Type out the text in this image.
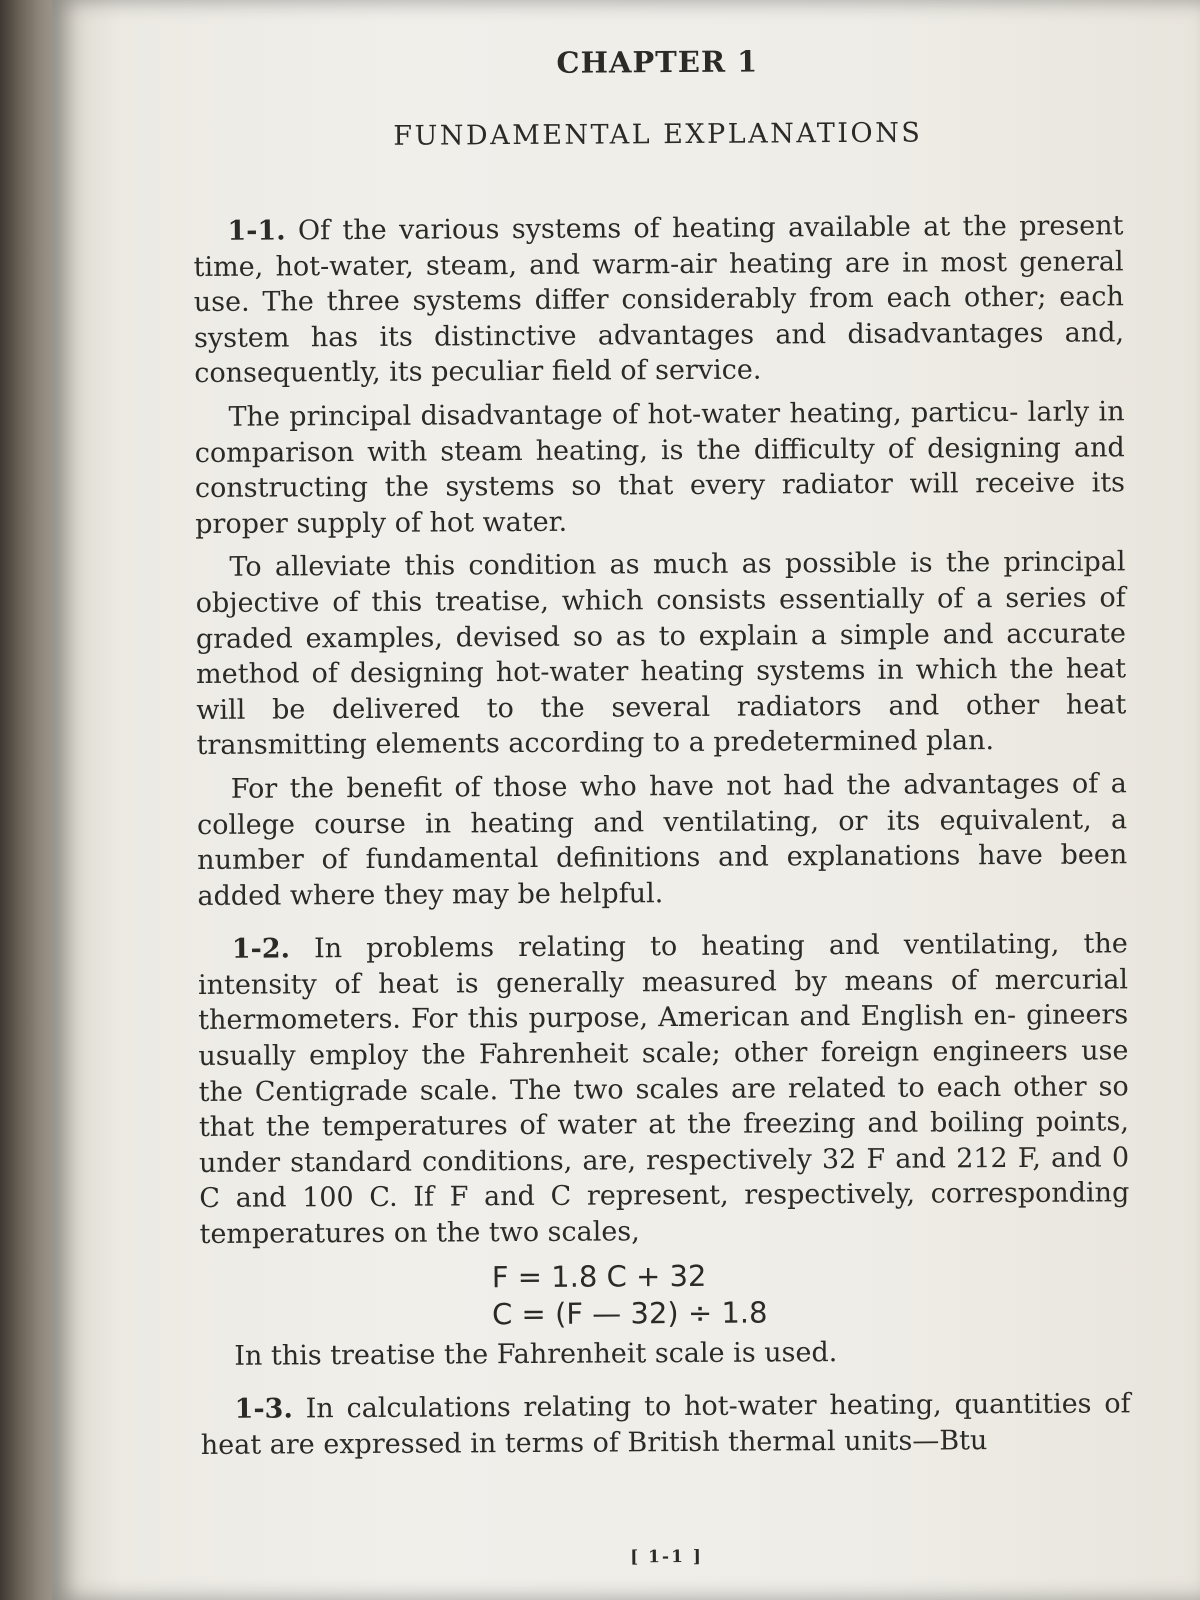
CHAPTER 1
FUNDAMENTAL EXPLANATIONS

1-1. Of the various systems of heating available at the present time, hot-water, steam, and warm-air heating are in most general use. The three systems differ considerably from each other; each system has its distinctive advantages and disadvantages and, consequently, its peculiar field of service.

The principal disadvantage of hot-water heating, particu- larly in comparison with steam heating, is the difficulty of designing and constructing the systems so that every radiator will receive its proper supply of hot water.

To alleviate this condition as much as possible is the principal objective of this treatise, which consists essentially of a series of graded examples, devised so as to explain a simple and accurate method of designing hot-water heating systems in which the heat will be delivered to the several radiators and other heat transmitting elements according to a predetermined plan.

For the benefit of those who have not had the advantages of a college course in heating and ventilating, or its equivalent, a number of fundamental definitions and explanations have been added where they may be helpful.

1-2. In problems relating to heating and ventilating, the intensity of heat is generally measured by means of mercurial thermometers. For this purpose, American and English en- gineers usually employ the Fahrenheit scale; other foreign engineers use the Centigrade scale. The two scales are related to each other so that the temperatures of water at the freezing and boiling points, under standard conditions, are, respectively 32 F and 212 F, and 0 C and 100 C. If F and C represent, respectively, corresponding temperatures on the two scales,

F = 1.8 C + 32
C = (F — 32) ÷ 1.8

In this treatise the Fahrenheit scale is used.

1-3. In calculations relating to hot-water heating, quantities of heat are expressed in terms of British thermal units—Btu

[ 1-1 ]
